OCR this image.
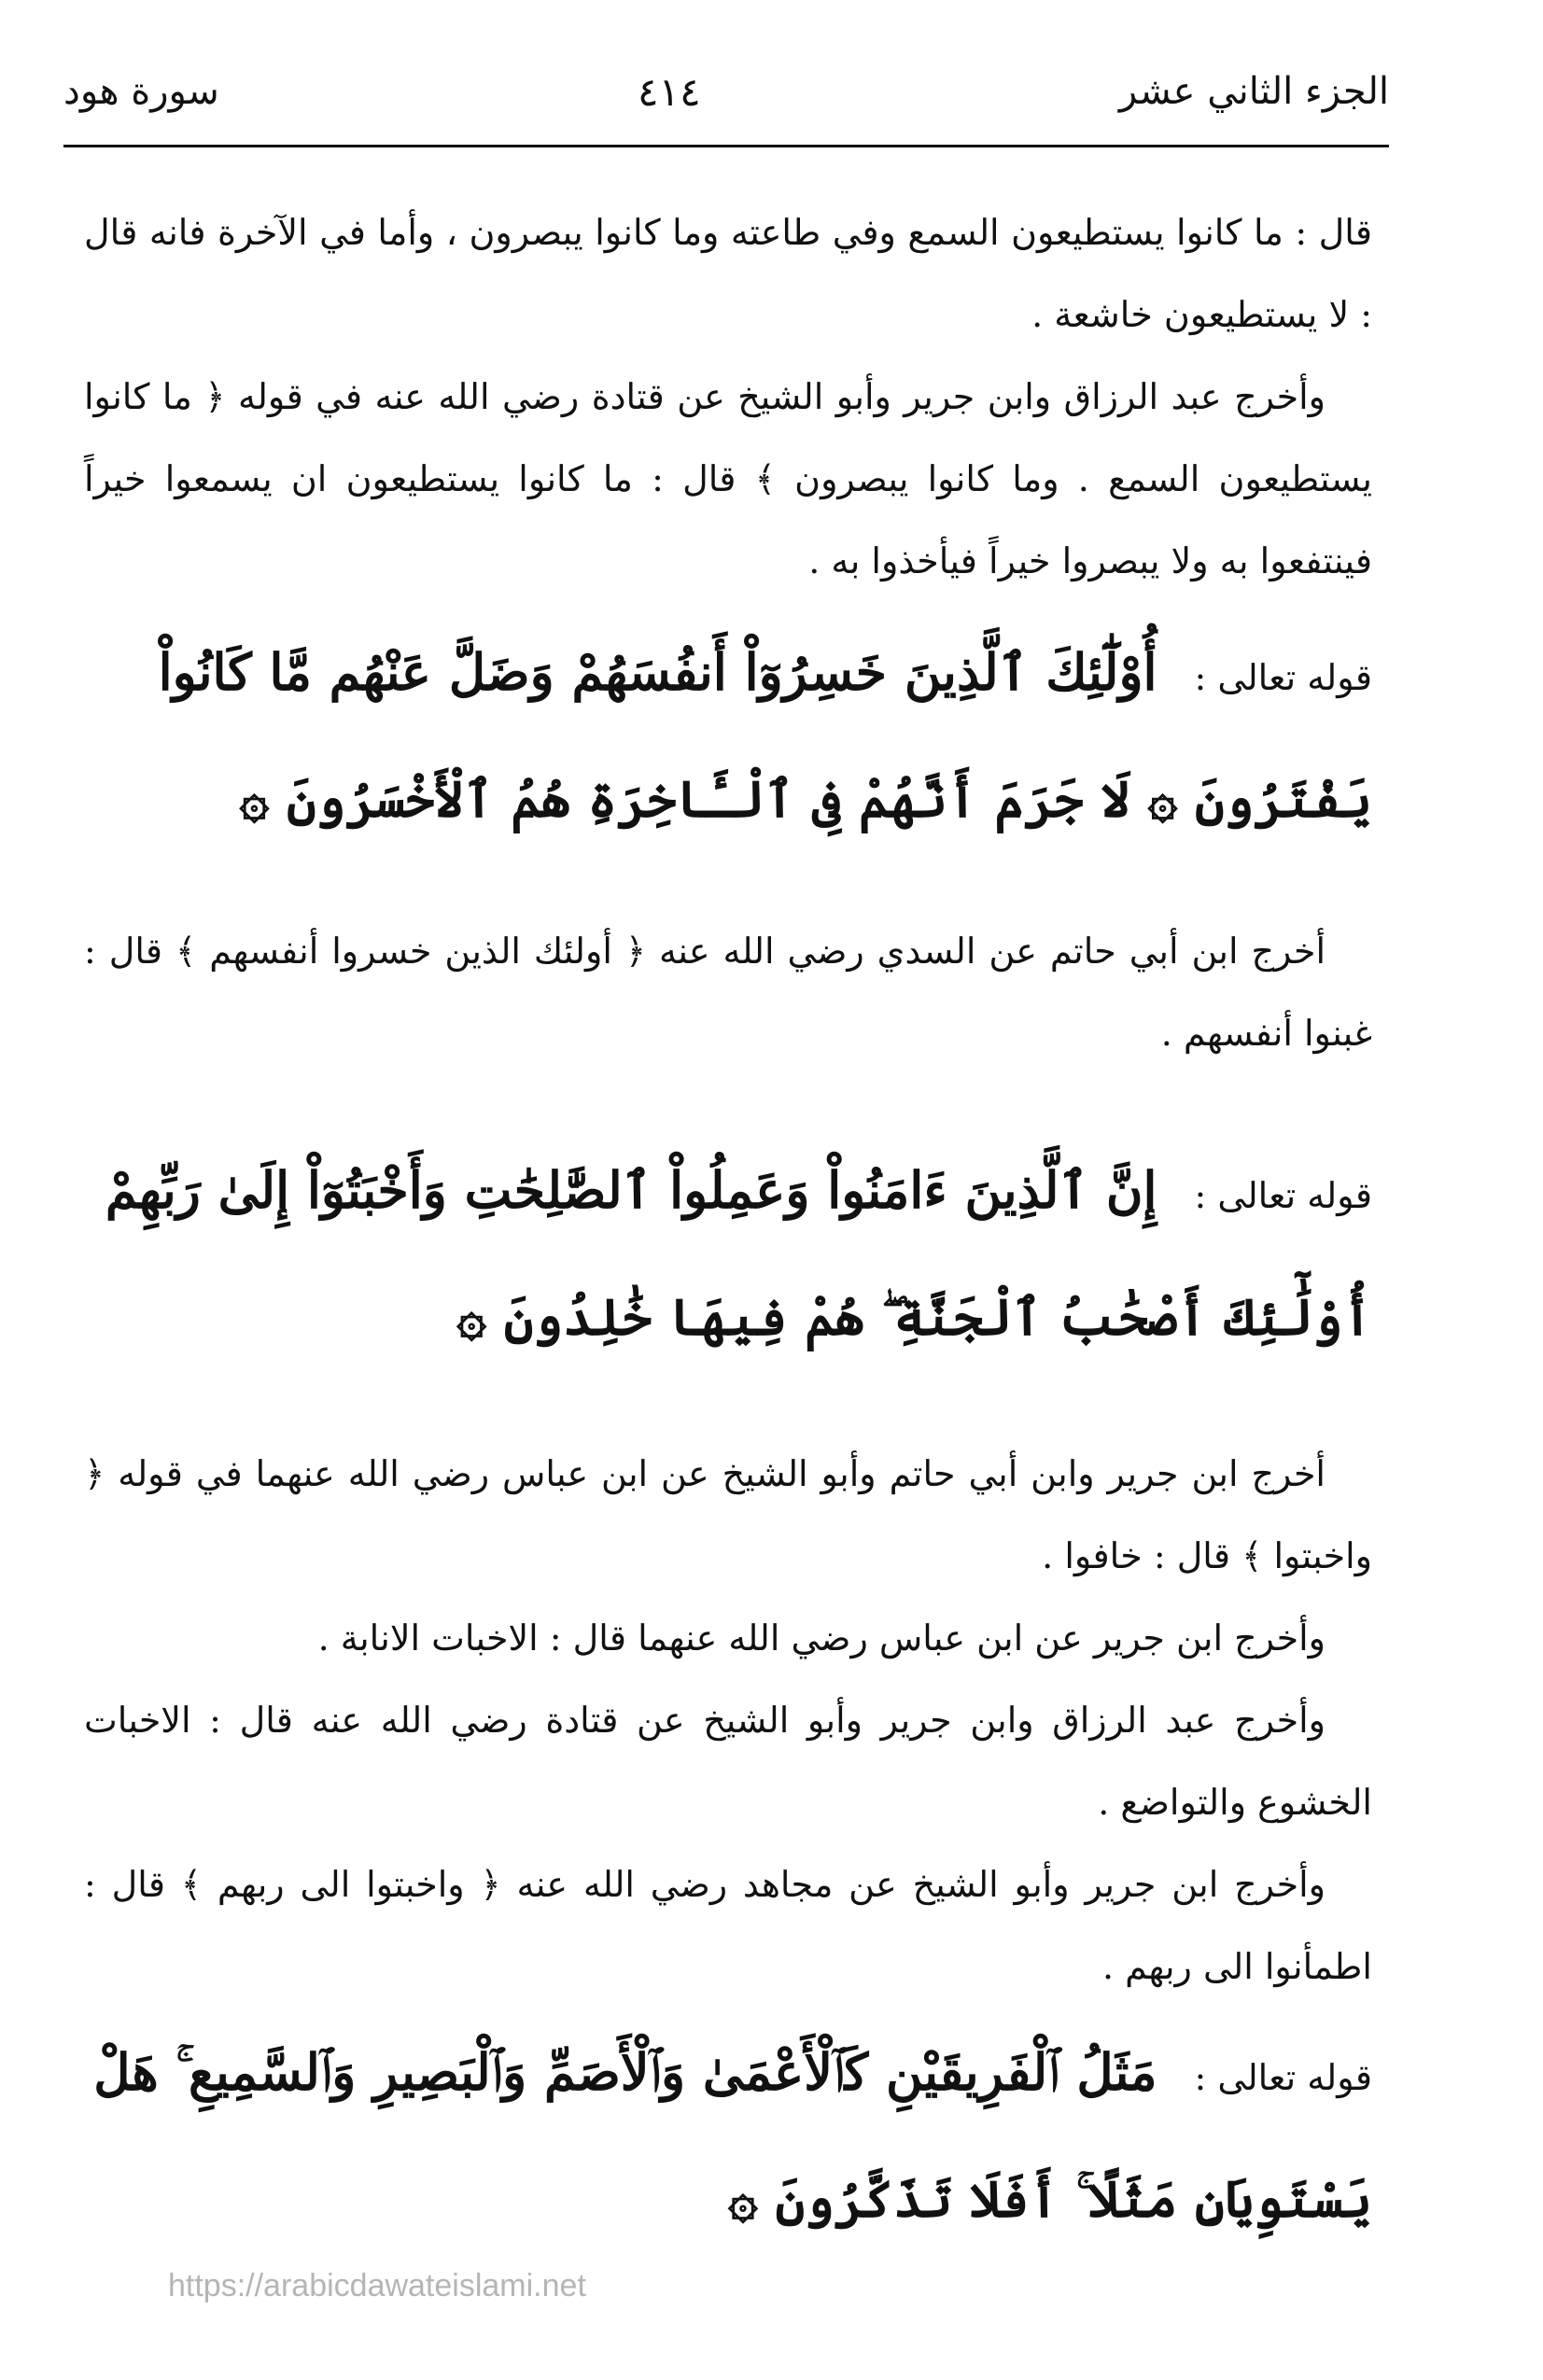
الجزء الثاني عشر
٤١٤
سورة هود

قال : ما كانوا يستطيعون السمع وفي طاعته وما كانوا يبصرون ، وأما في الآخرة فانه قال : لا يستطيعون خاشعة .

وأخرج عبد الرزاق وابن جرير وأبو الشيخ عن قتادة رضي الله عنه في قوله ﴿ ما كانوا يستطيعون السمع . وما كانوا يبصرون ﴾ قال : ما كانوا يستطيعون ان يسمعوا خيراً فينتفعوا به ولا يبصروا خيراً فيأخذوا به .

قوله تعالى :أُوْلَٰٓئِكَ ٱلَّذِينَ خَسِرُوٓاْ أَنفُسَهُمْ وَضَلَّ عَنْهُم مَّا كَانُواْ
يَفْتَرُونَ ۞ لَا جَرَمَ أَنَّهُمْ فِى ٱلْـَٔاخِرَةِ هُمُ ٱلْأَخْسَرُونَ ۞

أخرج ابن أبي حاتم عن السدي رضي الله عنه ﴿ أولئك الذين خسروا أنفسهم ﴾ قال : غبنوا أنفسهم .

قوله تعالى :إِنَّ ٱلَّذِينَ ءَامَنُواْ وَعَمِلُواْ ٱلصَّٰلِحَٰتِ وَأَخْبَتُوٓاْ إِلَىٰ رَبِّهِمْ
أُوْلَٰٓئِكَ أَصْحَٰبُ ٱلْجَنَّةِ ۖ هُمْ فِيهَا خَٰلِدُونَ ۞

أخرج ابن جرير وابن أبي حاتم وأبو الشيخ عن ابن عباس رضي الله عنهما في قوله ﴿ واخبتوا ﴾ قال : خافوا .

وأخرج ابن جرير عن ابن عباس رضي الله عنهما قال : الاخبات الانابة .

وأخرج عبد الرزاق وابن جرير وأبو الشيخ عن قتادة رضي الله عنه قال : الاخبات الخشوع والتواضع .

وأخرج ابن جرير وأبو الشيخ عن مجاهد رضي الله عنه ﴿ واخبتوا الى ربهم ﴾ قال : اطمأنوا الى ربهم .

قوله تعالى :مَثَلُ ٱلْفَرِيقَيْنِ كَٱلْأَعْمَىٰ وَٱلْأَصَمِّ وَٱلْبَصِيرِ وَٱلسَّمِيعِ ۚ هَلْ
يَسْتَوِيَانِ مَثَلًا ۚ أَفَلَا تَذَكَّرُونَ ۞
https://arabicdawateislami.net
